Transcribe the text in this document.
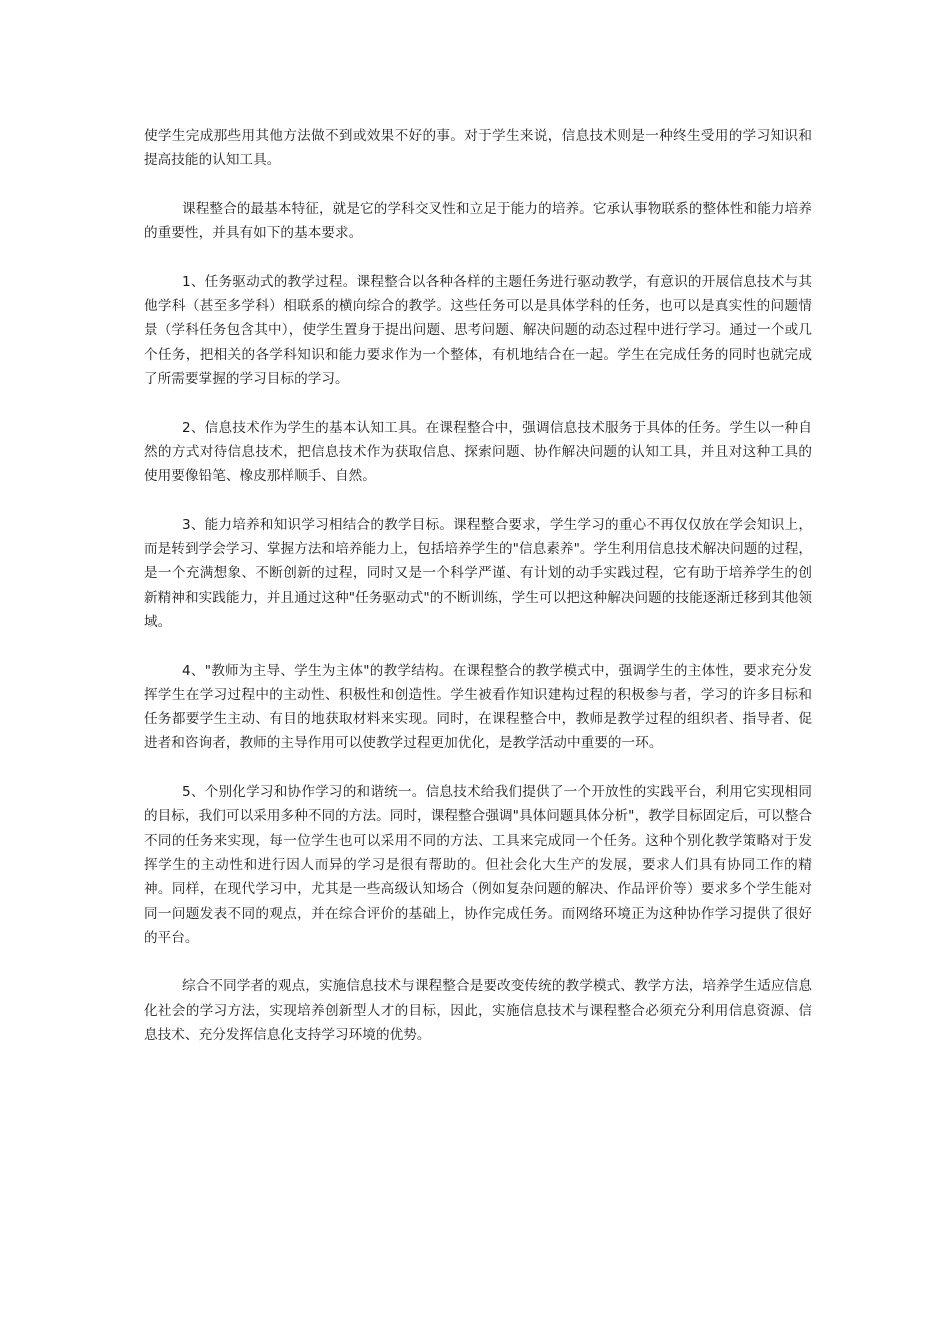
使学生完成那些用其他方法做不到或效果不好的事。对于学生来说，信息技术则是一种终生受用的学习知识和提高技能的认知工具。

课程整合的最基本特征，就是它的学科交叉性和立足于能力的培养。它承认事物联系的整体性和能力培养的重要性，并具有如下的基本要求。

1、任务驱动式的教学过程。课程整合以各种各样的主题任务进行驱动教学，有意识的开展信息技术与其他学科（甚至多学科）相联系的横向综合的教学。这些任务可以是具体学科的任务，也可以是真实性的问题情景（学科任务包含其中），使学生置身于提出问题、思考问题、解决问题的动态过程中进行学习。通过一个或几个任务，把相关的各学科知识和能力要求作为一个整体，有机地结合在一起。学生在完成任务的同时也就完成了所需要掌握的学习目标的学习。

2、信息技术作为学生的基本认知工具。在课程整合中，强调信息技术服务于具体的任务。学生以一种自然的方式对待信息技术，把信息技术作为获取信息、探索问题、协作解决问题的认知工具，并且对这种工具的使用要像铅笔、橡皮那样顺手、自然。

3、能力培养和知识学习相结合的教学目标。课程整合要求，学生学习的重心不再仅仅放在学会知识上，而是转到学会学习、掌握方法和培养能力上，包括培养学生的"信息素养"。学生利用信息技术解决问题的过程，是一个充满想象、不断创新的过程，同时又是一个科学严谨、有计划的动手实践过程，它有助于培养学生的创新精神和实践能力，并且通过这种"任务驱动式"的不断训练，学生可以把这种解决问题的技能逐渐迁移到其他领域。

4、"教师为主导、学生为主体"的教学结构。在课程整合的教学模式中，强调学生的主体性，要求充分发挥学生在学习过程中的主动性、积极性和创造性。学生被看作知识建构过程的积极参与者，学习的许多目标和任务都要学生主动、有目的地获取材料来实现。同时，在课程整合中，教师是教学过程的组织者、指导者、促进者和咨询者，教师的主导作用可以使教学过程更加优化，是教学活动中重要的一环。

5、个别化学习和协作学习的和谐统一。信息技术给我们提供了一个开放性的实践平台，利用它实现相同的目标，我们可以采用多种不同的方法。同时，课程整合强调"具体问题具体分析"，教学目标固定后，可以整合不同的任务来实现，每一位学生也可以采用不同的方法、工具来完成同一个任务。这种个别化教学策略对于发挥学生的主动性和进行因人而异的学习是很有帮助的。但社会化大生产的发展，要求人们具有协同工作的精神。同样，在现代学习中，尤其是一些高级认知场合（例如复杂问题的解决、作品评价等）要求多个学生能对同一问题发表不同的观点，并在综合评价的基础上，协作完成任务。而网络环境正为这种协作学习提供了很好的平台。

综合不同学者的观点，实施信息技术与课程整合是要改变传统的教学模式、教学方法，培养学生适应信息化社会的学习方法，实现培养创新型人才的目标，因此，实施信息技术与课程整合必须充分利用信息资源、信息技术、充分发挥信息化支持学习环境的优势。
